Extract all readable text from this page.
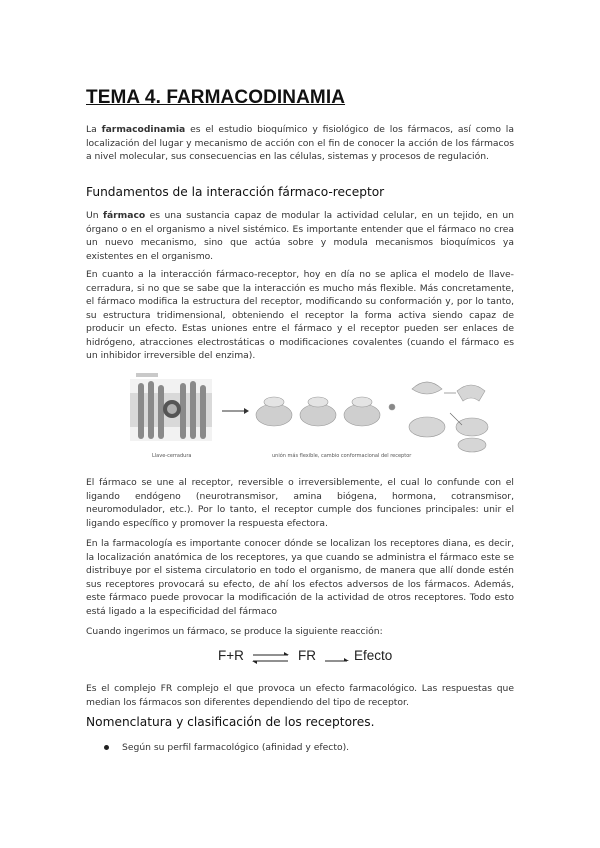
TEMA 4. FARMACODINAMIA

La farmacodinamia es el estudio bioquímico y fisiológico de los fármacos, así como la localización del lugar y mecanismo de acción con el fin de conocer la acción de los fármacos a nivel molecular, sus consecuencias en las células, sistemas y procesos de regulación.

Fundamentos de la interacción fármaco-receptor

Un fármaco es una sustancia capaz de modular la actividad celular, en un tejido, en un órgano o en el organismo a nivel sistémico. Es importante entender que el fármaco no crea un nuevo mecanismo, sino que actúa sobre y modula mecanismos bioquímicos ya existentes en el organismo.

En cuanto a la interacción fármaco-receptor, hoy en día no se aplica el modelo de llave-cerradura, si no que se sabe que la interacción es mucho más flexible. Más concretamente, el fármaco modifica la estructura del receptor, modificando su conformación y, por lo tanto, su estructura tridimensional, obteniendo el receptor la forma activa siendo capaz de producir un efecto. Estas uniones entre el fármaco y el receptor pueden ser enlaces de hidrógeno, atracciones electrostáticas o modificaciones covalentes (cuando el fármaco es un inhibidor irreversible del enzima).

Llave-cerradura	unión más flexible, cambio conformacional del receptor

El fármaco se une al receptor, reversible o irreversiblemente, el cual lo confunde con el ligando endógeno (neurotransmisor, amina biógena, hormona, cotransmisor, neuromodulador, etc.). Por lo tanto, el receptor cumple dos funciones principales: unir el ligando específico y promover la respuesta efectora.

En la farmacología es importante conocer dónde se localizan los receptores diana, es decir, la localización anatómica de los receptores, ya que cuando se administra el fármaco este se distribuye por el sistema circulatorio en todo el organismo, de manera que allí donde estén sus receptores provocará su efecto, de ahí los efectos adversos de los fármacos. Además, este fármaco puede provocar la modificación de la actividad de otros receptores. Todo esto está ligado a la especificidad del fármaco

Cuando ingerimos un fármaco, se produce la siguiente reacción:

F+R ⇌ FR	Efecto

Es el complejo FR complejo el que provoca un efecto farmacológico. Las respuestas que median los fármacos son diferentes dependiendo del tipo de receptor.

Nomenclatura y clasificación de los receptores.
Según su perfil farmacológico (afinidad y efecto).
